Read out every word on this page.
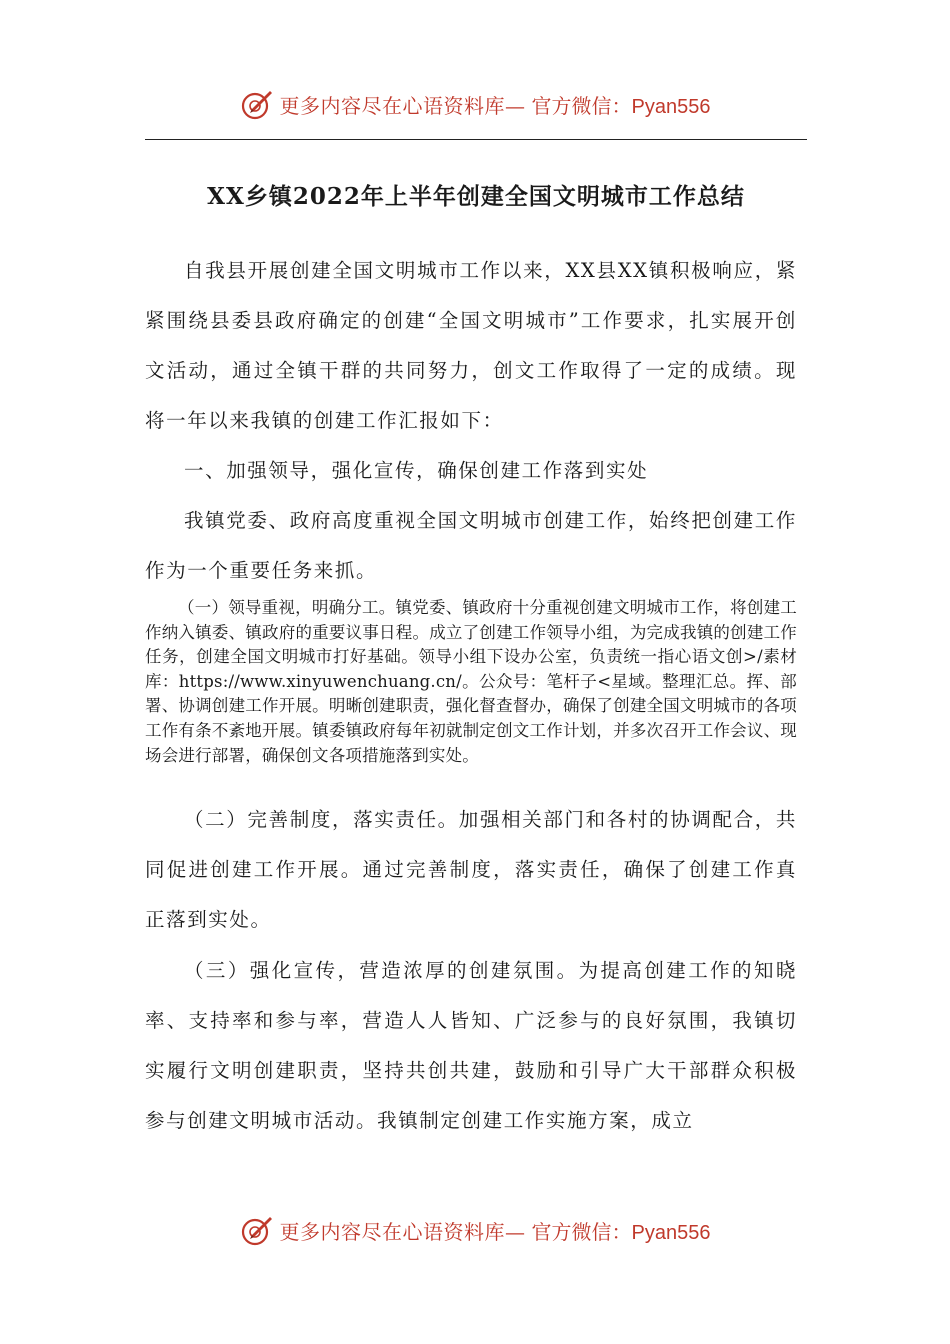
更多内容尽在心语资料库— 官方微信：Pyan556
XX乡镇2022年上半年创建全国文明城市工作总结

自我县开展创建全国文明城市工作以来，XX县XX镇积极响应，紧紧围绕县委县政府确定的创建“全国文明城市”工作要求，扎实展开创文活动，通过全镇干群的共同努力，创文工作取得了一定的成绩。现将一年以来我镇的创建工作汇报如下：

一、加强领导，强化宣传，确保创建工作落到实处

我镇党委、政府高度重视全国文明城市创建工作，始终把创建工作作为一个重要任务来抓。

（一）领导重视，明确分工。镇党委、镇政府十分重视创建文明城市工作，将创建工作纳入镇委、镇政府的重要议事日程。成立了创建工作领导小组，为完成我镇的创建工作任务，创建全国文明城市打好基础。领导小组下设办公室，负责统一指心语文创>/素材库：https://www.xinyuwenchuang.cn/。公众号：笔杆子<星域。整理汇总。挥、部署、协调创建工作开展。明晰创建职责，强化督查督办，确保了创建全国文明城市的各项工作有条不紊地开展。镇委镇政府每年初就制定创文工作计划，并多次召开工作会议、现场会进行部署，确保创文各项措施落到实处。

（二）完善制度，落实责任。加强相关部门和各村的协调配合，共同促进创建工作开展。通过完善制度，落实责任，确保了创建工作真正落到实处。

（三）强化宣传，营造浓厚的创建氛围。为提高创建工作的知晓率、支持率和参与率，营造人人皆知、广泛参与的良好氛围，我镇切实履行文明创建职责，坚持共创共建，鼓励和引导广大干部群众积极参与创建文明城市活动。我镇制定创建工作实施方案，成立

更多内容尽在心语资料库— 官方微信：Pyan556
